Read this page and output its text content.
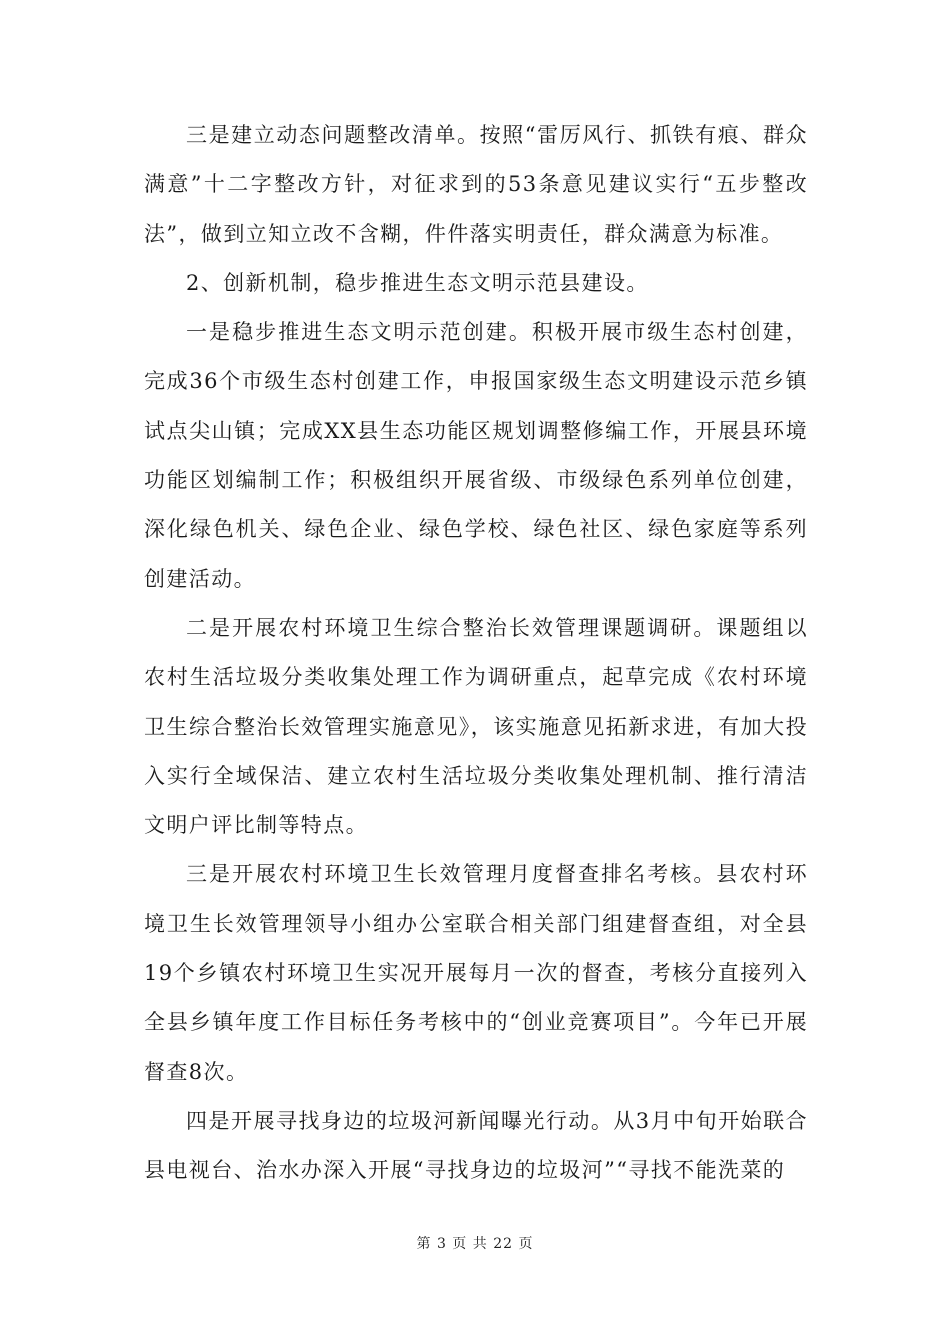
三是建立动态问题整改清单。按照“雷厉风行、抓铁有痕、群众满意”十二字整改方针，对征求到的53条意见建议实行“五步整改法”，做到立知立改不含糊，件件落实明责任，群众满意为标准。

2、创新机制，稳步推进生态文明示范县建设。

一是稳步推进生态文明示范创建。积极开展市级生态村创建，完成36个市级生态村创建工作，申报国家级生态文明建设示范乡镇试点尖山镇；完成XX县生态功能区规划调整修编工作，开展县环境功能区划编制工作；积极组织开展省级、市级绿色系列单位创建，深化绿色机关、绿色企业、绿色学校、绿色社区、绿色家庭等系列创建活动。

二是开展农村环境卫生综合整治长效管理课题调研。课题组以农村生活垃圾分类收集处理工作为调研重点，起草完成《农村环境卫生综合整治长效管理实施意见》，该实施意见拓新求进，有加大投入实行全域保洁、建立农村生活垃圾分类收集处理机制、推行清洁文明户评比制等特点。

三是开展农村环境卫生长效管理月度督查排名考核。县农村环境卫生长效管理领导小组办公室联合相关部门组建督查组，对全县19个乡镇农村环境卫生实况开展每月一次的督查，考核分直接列入全县乡镇年度工作目标任务考核中的“创业竞赛项目”。今年已开展督查8次。

四是开展寻找身边的垃圾河新闻曝光行动。从3月中旬开始联合县电视台、治水办深入开展“寻找身边的垃圾河”“寻找不能洗菜的

第 3 页 共 22 页
